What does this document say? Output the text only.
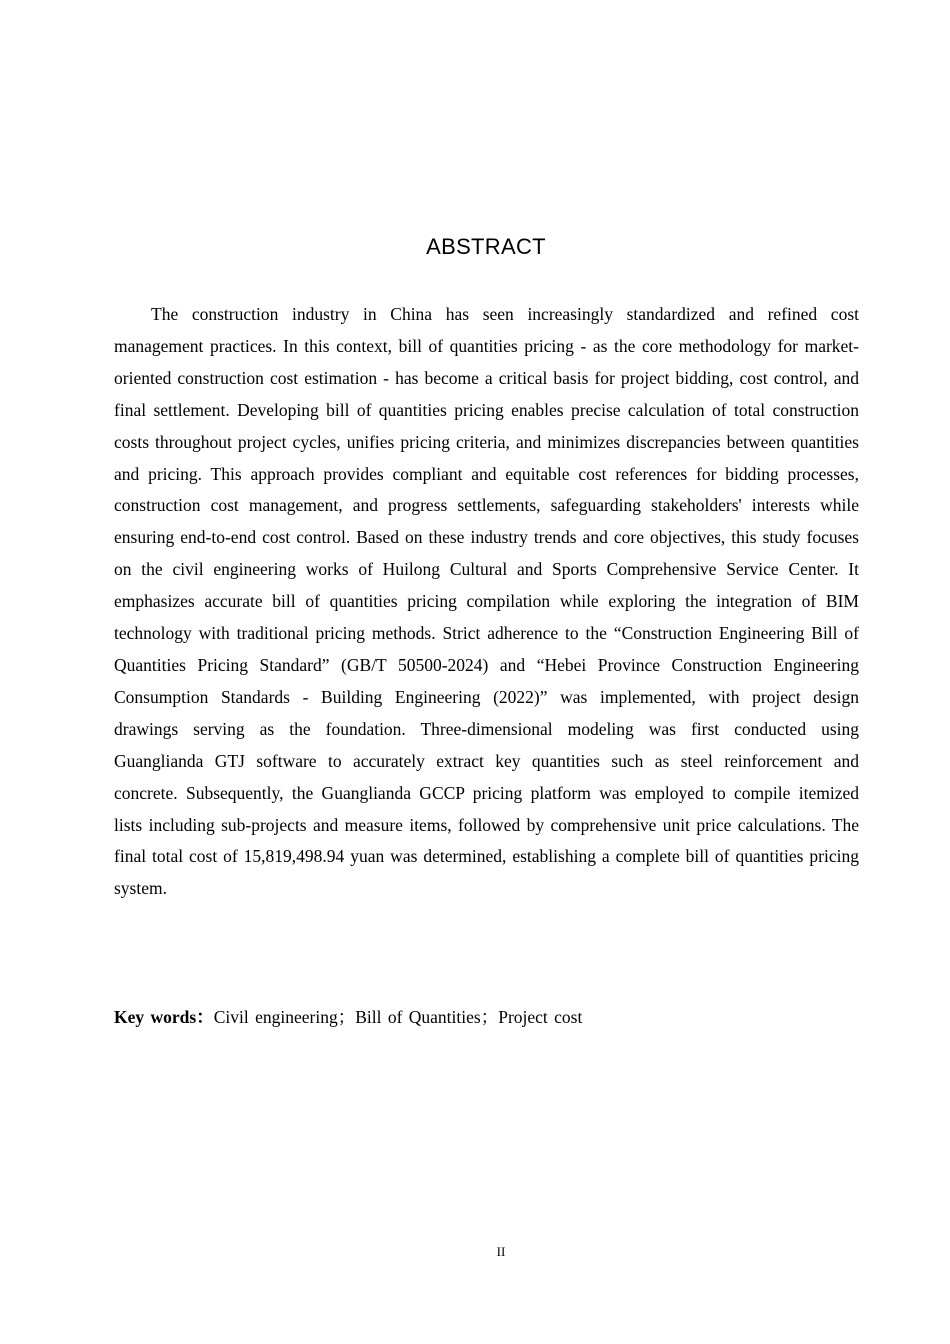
ABSTRACT

The construction industry in China has seen increasingly standardized and refined cost management practices. In this context, bill of quantities pricing - as the core methodology for market-oriented construction cost estimation - has become a critical basis for project bidding, cost control, and final settlement. Developing bill of quantities pricing enables precise calculation of total construction costs throughout project cycles, unifies pricing criteria, and minimizes discrepancies between quantities and pricing. This approach provides compliant and equitable cost references for bidding processes, construction cost management, and progress settlements, safeguarding stakeholders' interests while ensuring end-to-end cost control. Based on these industry trends and core objectives, this study focuses on the civil engineering works of Huilong Cultural and Sports Comprehensive Service Center. It emphasizes accurate bill of quantities pricing compilation while exploring the integration of BIM technology with traditional pricing methods. Strict adherence to the “Construction Engineering Bill of Quantities Pricing Standard” (GB/T 50500-2024) and “Hebei Province Construction Engineering Consumption Standards - Building Engineering (2022)” was implemented, with project design drawings serving as the foundation. Three-dimensional modeling was first conducted using Guanglianda GTJ software to accurately extract key quantities such as steel reinforcement and concrete. Subsequently, the Guanglianda GCCP pricing platform was employed to compile itemized lists including sub-projects and measure items, followed by comprehensive unit price calculations. The final total cost of 15,819,498.94 yuan was determined, establishing a complete bill of quantities pricing system.

Key words：Civil engineering；Bill of Quantities；Project cost

II
